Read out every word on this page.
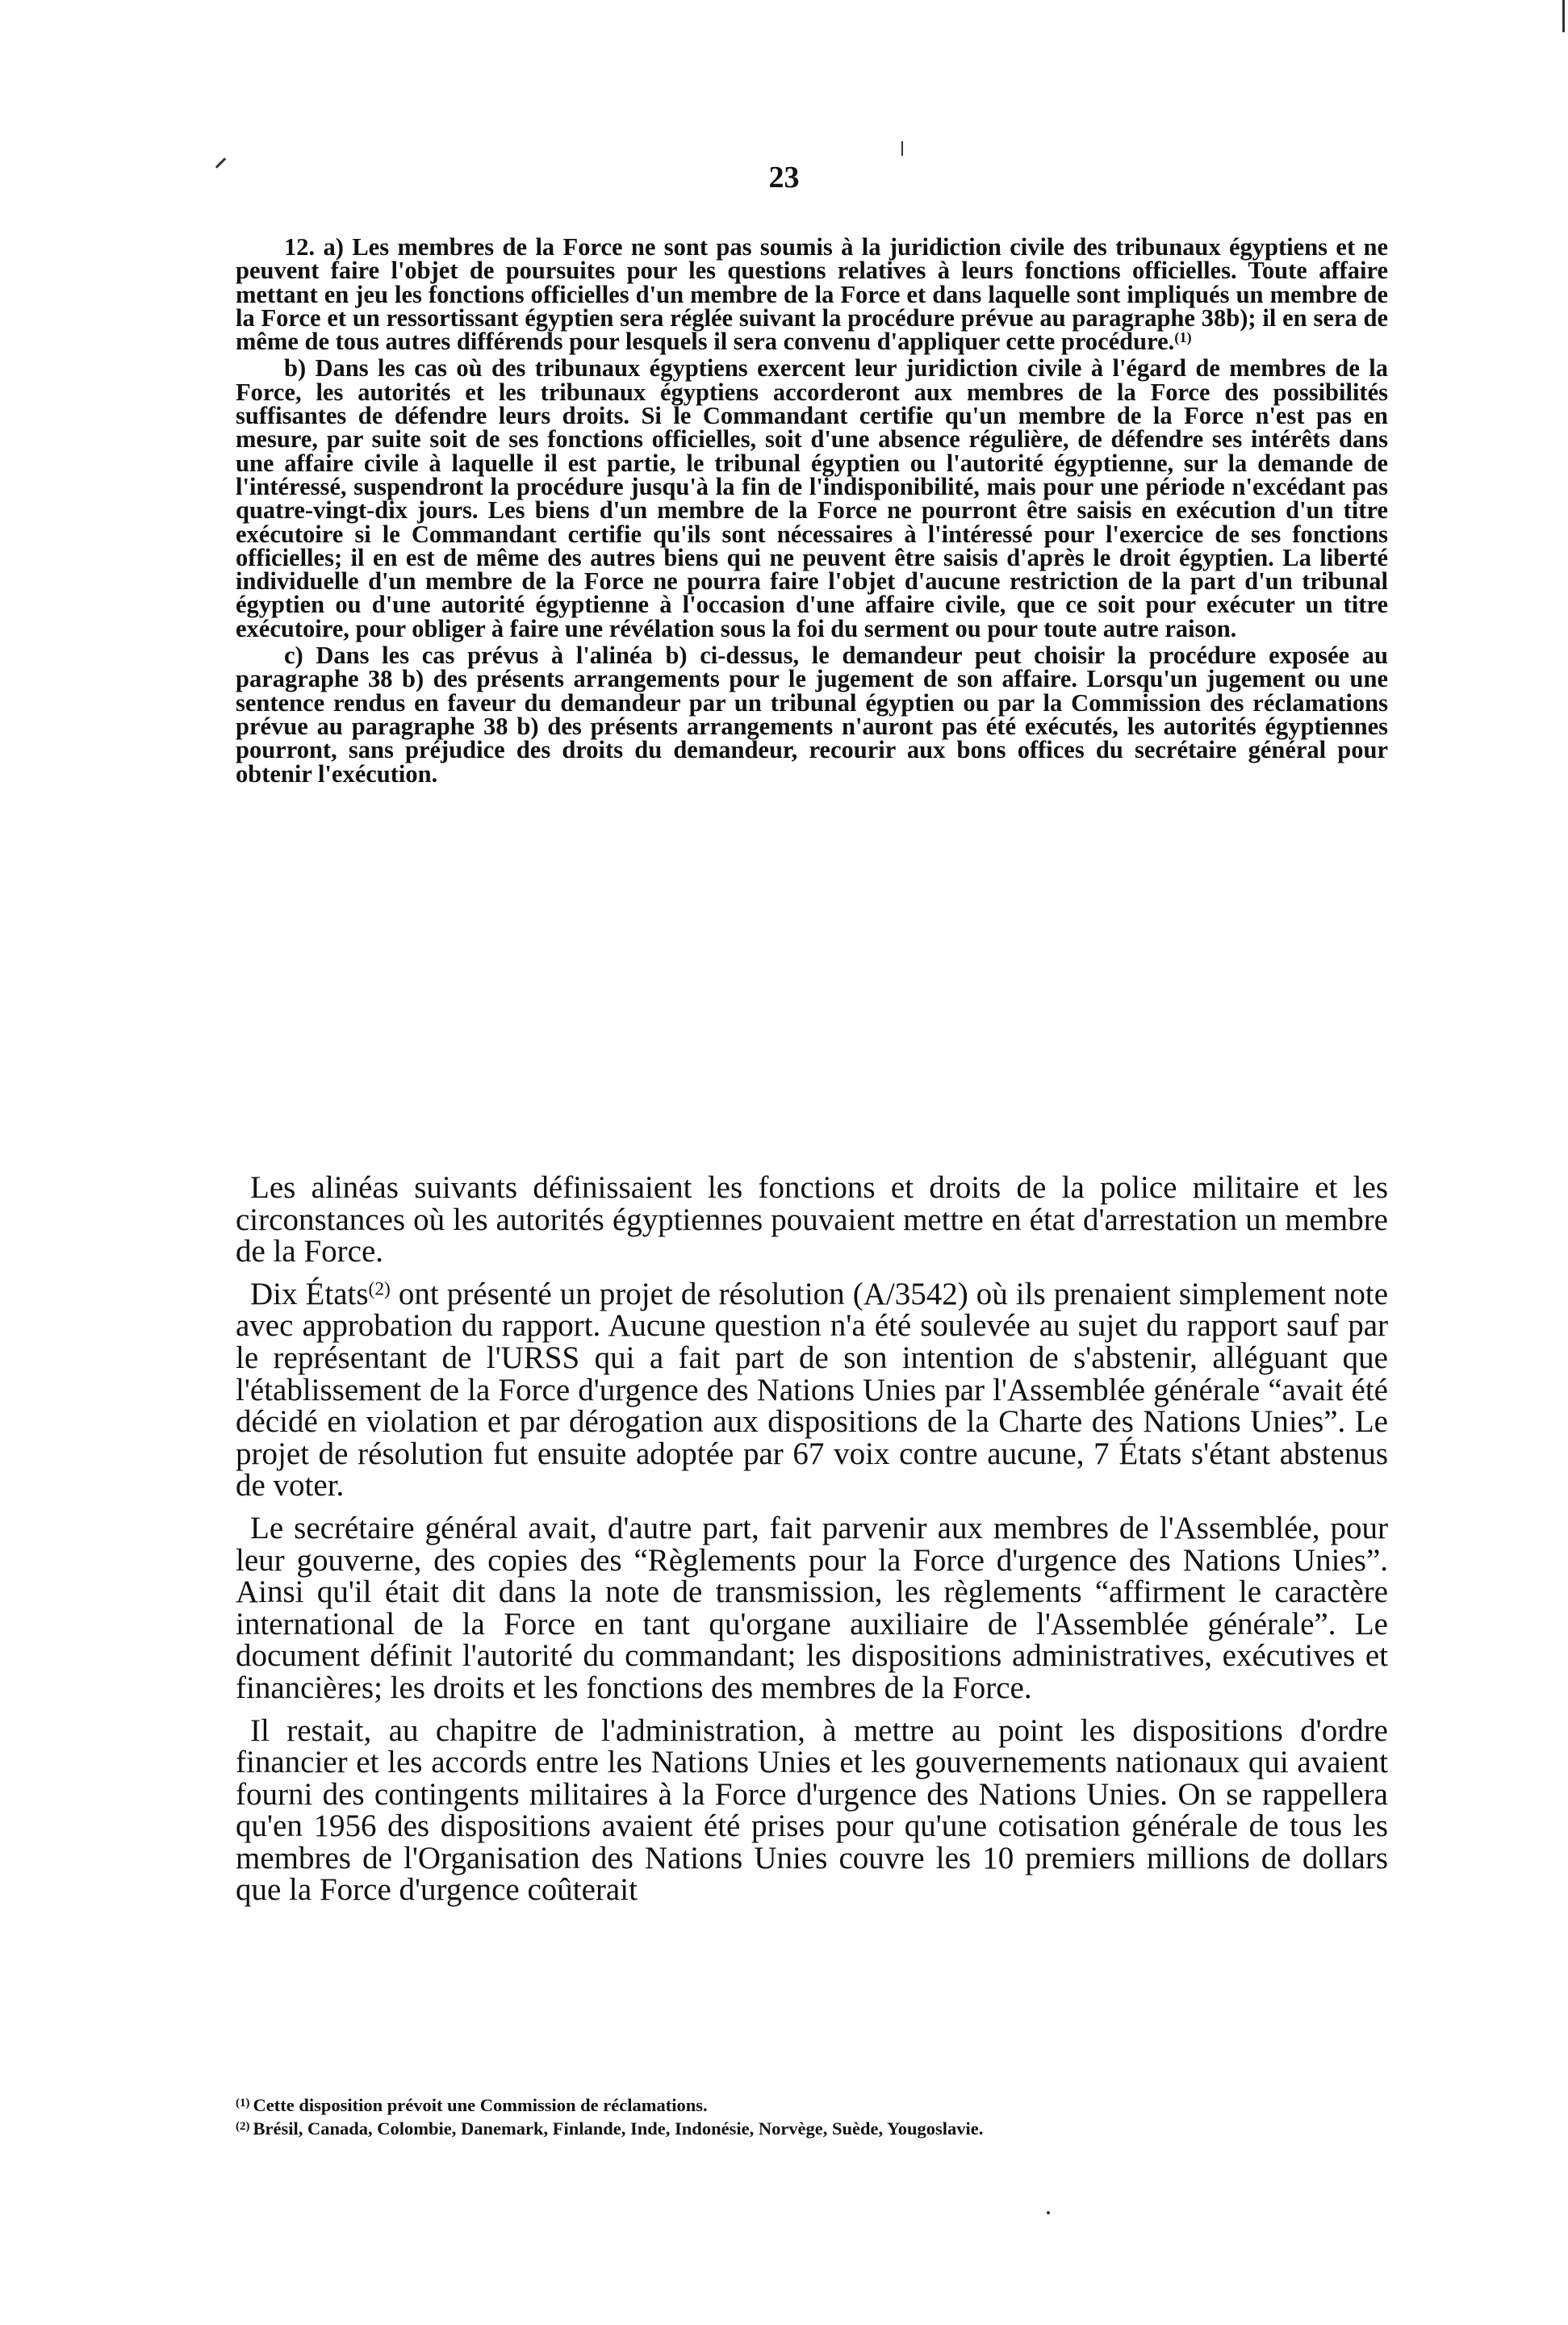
23

12. a) Les membres de la Force ne sont pas soumis à la juridiction civile des tribunaux égyptiens et ne peuvent faire l'objet de poursuites pour les questions relatives à leurs fonctions officielles. Toute affaire mettant en jeu les fonctions officielles d'un membre de la Force et dans laquelle sont impliqués un membre de la Force et un ressortissant égyptien sera réglée suivant la procédure prévue au paragraphe 38b); il en sera de même de tous autres différends pour lesquels il sera convenu d'appliquer cette procédure.$^{(1)}$

b) Dans les cas où des tribunaux égyptiens exercent leur juridiction civile à l'égard de membres de la Force, les autorités et les tribunaux égyptiens accorderont aux membres de la Force des possibilités suffisantes de défendre leurs droits. Si le Commandant certifie qu'un membre de la Force n'est pas en mesure, par suite soit de ses fonctions officielles, soit d'une absence régulière, de défendre ses intérêts dans une affaire civile à laquelle il est partie, le tribunal égyptien ou l'autorité égyptienne, sur la demande de l'intéressé, suspendront la procédure jusqu'à la fin de l'indisponibilité, mais pour une période n'excédant pas quatre-vingt-dix jours. Les biens d'un membre de la Force ne pourront être saisis en exécution d'un titre exécutoire si le Commandant certifie qu'ils sont nécessaires à l'intéressé pour l'exercice de ses fonctions officielles; il en est de même des autres biens qui ne peuvent être saisis d'après le droit égyptien. La liberté individuelle d'un membre de la Force ne pourra faire l'objet d'aucune restriction de la part d'un tribunal égyptien ou d'une autorité égyptienne à l'occasion d'une affaire civile, que ce soit pour exécuter un titre exécutoire, pour obliger à faire une révélation sous la foi du serment ou pour toute autre raison.

c) Dans les cas prévus à l'alinéa b) ci-dessus, le demandeur peut choisir la procédure exposée au paragraphe 38 b) des présents arrangements pour le jugement de son affaire. Lorsqu'un jugement ou une sentence rendus en faveur du demandeur par un tribunal égyptien ou par la Commission des réclamations prévue au paragraphe 38 b) des présents arrangements n'auront pas été exécutés, les autorités égyptiennes pourront, sans préjudice des droits du demandeur, recourir aux bons offices du secrétaire général pour obtenir l'exécution.

Les alinéas suivants définissaient les fonctions et droits de la police militaire et les circonstances où les autorités égyptiennes pouvaient mettre en état d'arrestation un membre de la Force.

Dix États$^{(2)}$ ont présenté un projet de résolution (A/3542) où ils prenaient simplement note avec approbation du rapport. Aucune question n'a été soulevée au sujet du rapport sauf par le représentant de l'URSS qui a fait part de son intention de s'abstenir, alléguant que l'établissement de la Force d'urgence des Nations Unies par l'Assemblée générale “avait été décidé en violation et par dérogation aux dispositions de la Charte des Nations Unies”. Le projet de résolution fut ensuite adoptée par 67 voix contre aucune, 7 États s'étant abstenus de voter.

Le secrétaire général avait, d'autre part, fait parvenir aux membres de l'Assemblée, pour leur gouverne, des copies des “Règlements pour la Force d'urgence des Nations Unies”. Ainsi qu'il était dit dans la note de transmission, les règlements “affirment le caractère international de la Force en tant qu'organe auxiliaire de l'Assemblée générale”. Le document définit l'autorité du commandant; les dispositions administratives, exécutives et financières; les droits et les fonctions des membres de la Force.

Il restait, au chapitre de l'administration, à mettre au point les dispositions d'ordre financier et les accords entre les Nations Unies et les gouvernements nationaux qui avaient fourni des contingents militaires à la Force d'urgence des Nations Unies. On se rappellera qu'en 1956 des dispositions avaient été prises pour qu'une cotisation générale de tous les membres de l'Organisation des Nations Unies couvre les 10 premiers millions de dollars que la Force d'urgence coûterait

$^{(1)}$ Cette disposition prévoit une Commission de réclamations.

$^{(2)}$ Brésil, Canada, Colombie, Danemark, Finlande, Inde, Indonésie, Norvège, Suède, Yougoslavie.
